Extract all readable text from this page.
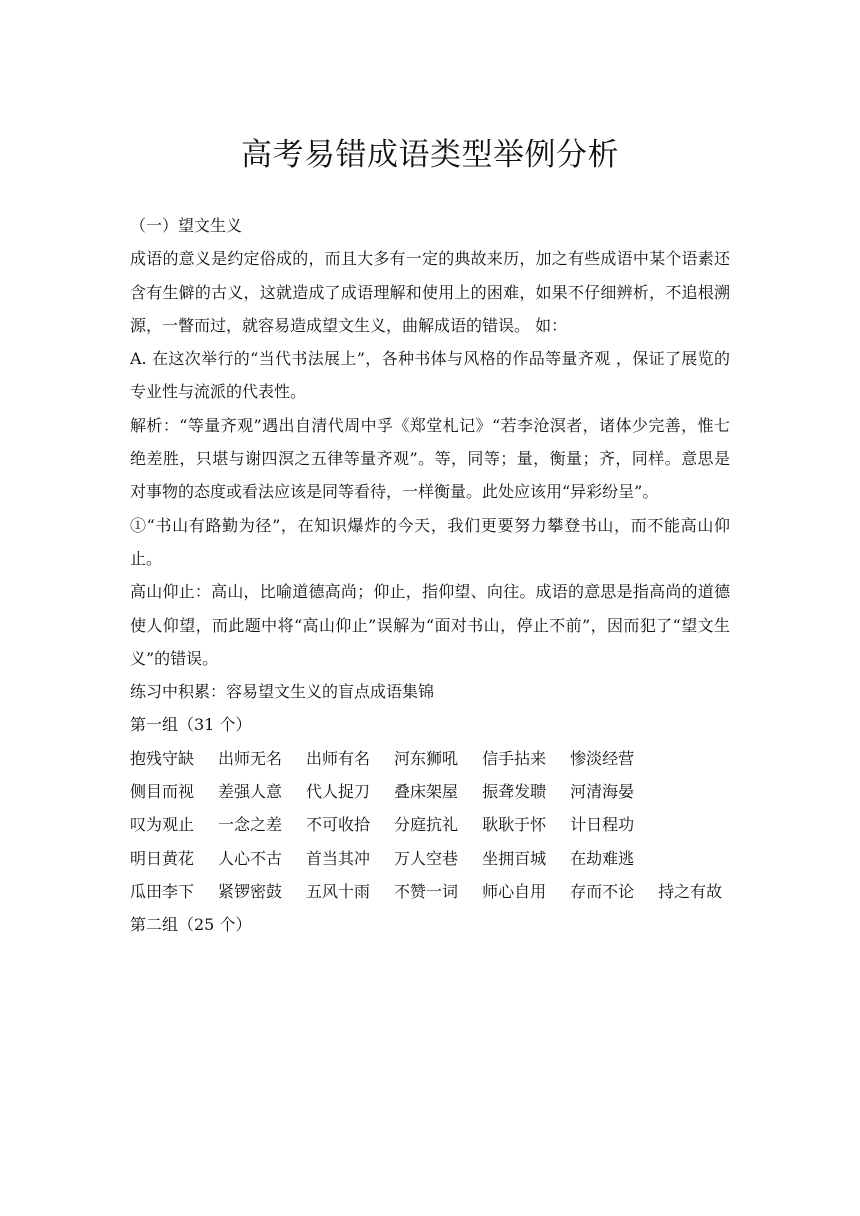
高考易错成语类型举例分析

（一）望文生义

成语的意义是约定俗成的，而且大多有一定的典故来历，加之有些成语中某个语素还含有生僻的古义，这就造成了成语理解和使用上的困难，如果不仔细辨析，不追根溯源，一瞥而过，就容易造成望文生义，曲解成语的错误。 如：

A. 在这次举行的“当代书法展上”，各种书体与风格的作品等量齐观 ，保证了展览的专业性与流派的代表性。

解析：“等量齐观”遇出自清代周中孚《郑堂札记》“若李沧溟者，诸体少完善，惟七绝差胜，只堪与谢四溟之五律等量齐观”。等，同等；量，衡量；齐，同样。意思是对事物的态度或看法应该是同等看待，一样衡量。此处应该用“异彩纷呈”。

①“书山有路勤为径”，在知识爆炸的今天，我们更要努力攀登书山，而不能高山仰止。

高山仰止：高山，比喻道德高尚；仰止，指仰望、向往。成语的意思是指高尚的道德使人仰望，而此题中将“高山仰止”误解为“面对书山，停止不前”，因而犯了“望文生义”的错误。

练习中积累：容易望文生义的盲点成语集锦

第一组（31 个）

抱残守缺 出师无名 出师有名 河东狮吼 信手拈来 惨淡经营
侧目而视 差强人意 代人捉刀 叠床架屋 振聋发聩 河清海晏
叹为观止 一念之差 不可收拾 分庭抗礼 耿耿于怀 计日程功
明日黄花 人心不古 首当其冲 万人空巷 坐拥百城 在劫难逃
瓜田李下 紧锣密鼓 五风十雨 不赞一词 师心自用 存而不论 持之有故

第二组（25 个）
